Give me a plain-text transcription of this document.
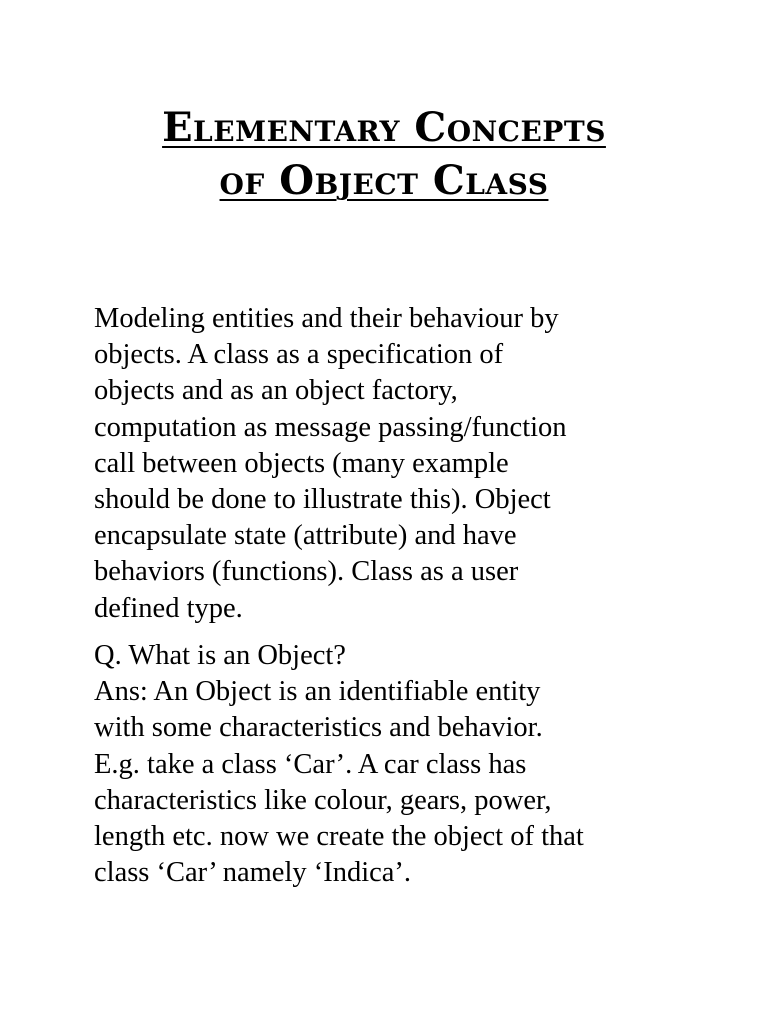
Elementary Concepts
of Object Class

Modeling entities and their behaviour by
objects. A class as a specification of
objects and as an object factory,
computation as message passing/function
call between objects (many example
should be done to illustrate this). Object
encapsulate state (attribute) and have
behaviors (functions). Class as a user
defined type.

Q. What is an Object?
Ans: An Object is an identifiable entity
with some characteristics and behavior.
E.g. take a class ‘Car’. A car class has
characteristics like colour, gears, power,
length etc. now we create the object of that
class ‘Car’ namely ‘Indica’.
